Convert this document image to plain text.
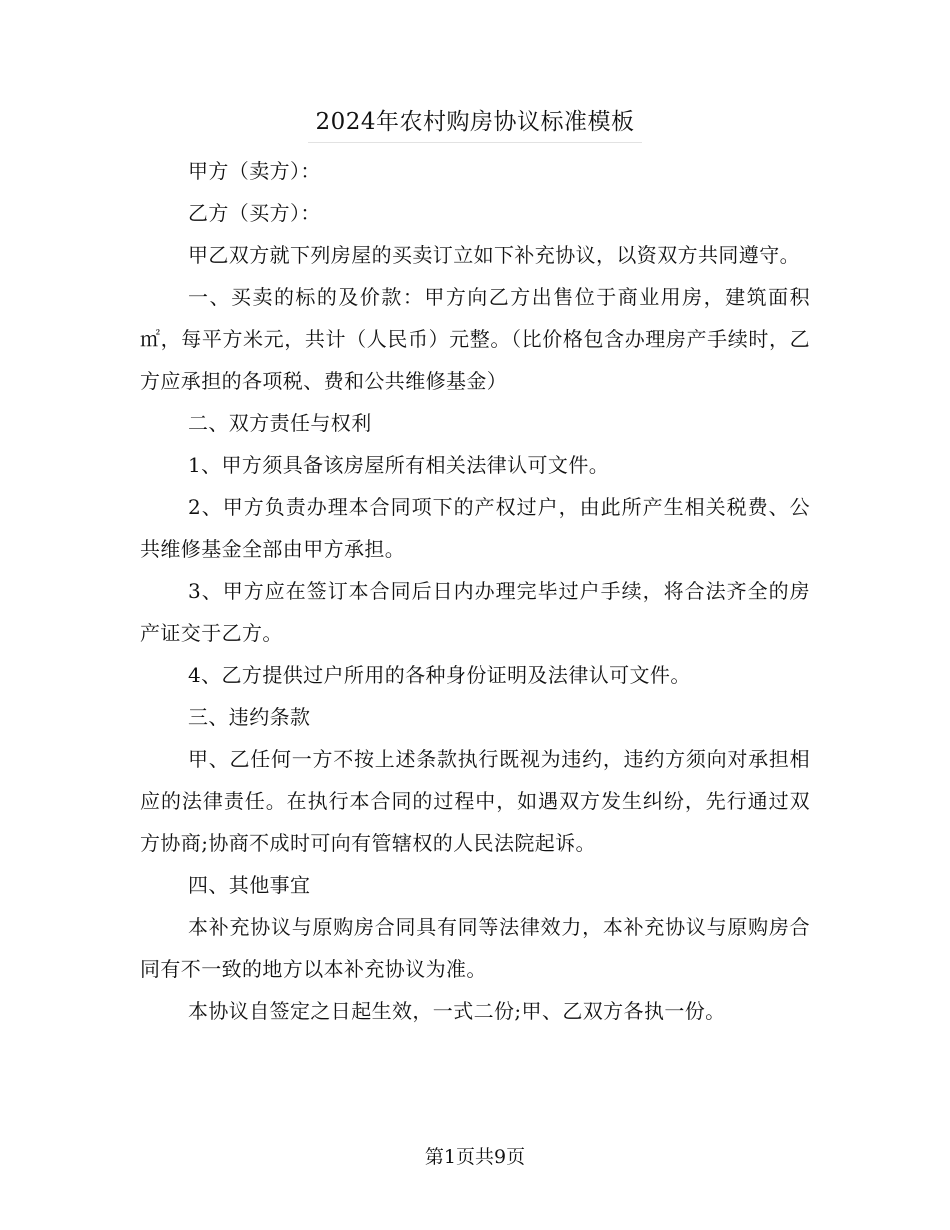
2024年农村购房协议标准模板

甲方（卖方）：

乙方（买方）：

甲乙双方就下列房屋的买卖订立如下补充协议，以资双方共同遵守。

一、买卖的标的及价款：甲方向乙方出售位于商业用房，建筑面积㎡，每平方米元，共计（人民币）元整。（比价格包含办理房产手续时，乙方应承担的各项税、费和公共维修基金）

二、双方责任与权利

1、甲方须具备该房屋所有相关法律认可文件。

2、甲方负责办理本合同项下的产权过户，由此所产生相关税费、公共维修基金全部由甲方承担。

3、甲方应在签订本合同后日内办理完毕过户手续，将合法齐全的房产证交于乙方。

4、乙方提供过户所用的各种身份证明及法律认可文件。

三、违约条款

甲、乙任何一方不按上述条款执行既视为违约，违约方须向对承担相应的法律责任。在执行本合同的过程中，如遇双方发生纠纷，先行通过双方协商;协商不成时可向有管辖权的人民法院起诉。

四、其他事宜

本补充协议与原购房合同具有同等法律效力，本补充协议与原购房合同有不一致的地方以本补充协议为准。

本协议自签定之日起生效，一式二份;甲、乙双方各执一份。

第1页共9页
